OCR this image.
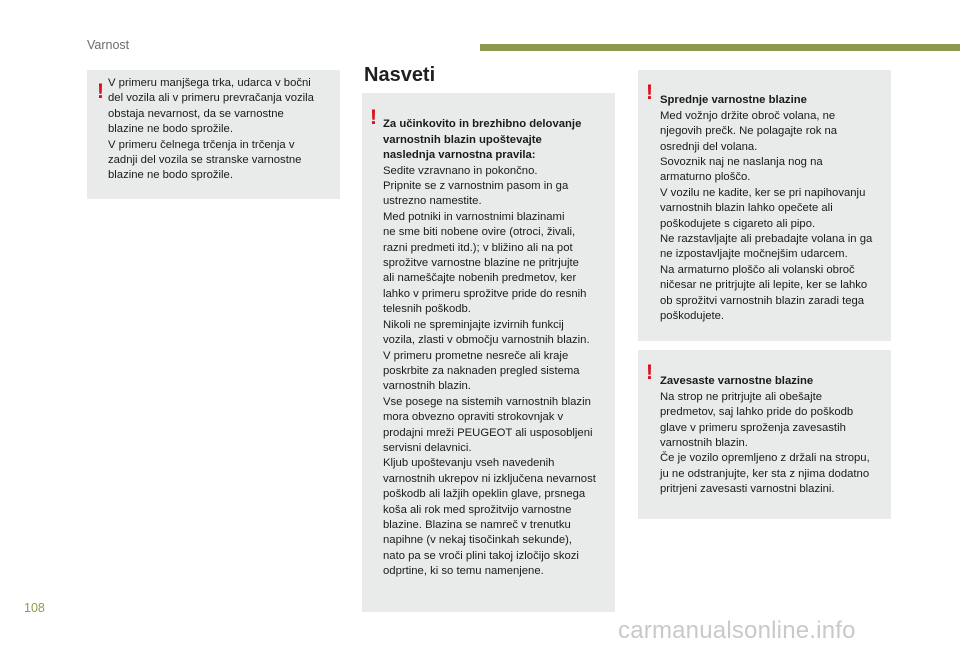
Varnost
! V primeru manjšega trka, udarca v bočni
del vozila ali v primeru prevračanja vozila
obstaja nevarnost, da se varnostne
blazine ne bodo sprožile.
V primeru čelnega trčenja in trčenja v
zadnji del vozila se stranske varnostne
blazine ne bodo sprožile.
Nasveti
! Za učinkovito in brezhibno delovanje
varnostnih blazin upoštevajte
naslednja varnostna pravila:
Sedite vzravnano in pokončno.
Pripnite se z varnostnim pasom in ga
ustrezno namestite.
Med potniki in varnostnimi blazinami
ne sme biti nobene ovire (otroci, živali,
razni predmeti itd.); v bližino ali na pot
sprožitve varnostne blazine ne pritrjujte
ali nameščajte nobenih predmetov, ker
lahko v primeru sprožitve pride do resnih
telesnih poškodb.
Nikoli ne spreminjajte izvirnih funkcij
vozila, zlasti v območju varnostnih blazin.
V primeru prometne nesreče ali kraje
poskrbite za naknaden pregled sistema
varnostnih blazin.
Vse posege na sistemih varnostnih blazin
mora obvezno opraviti strokovnjak v
prodajni mreži PEUGEOT ali usposobljeni
servisni delavnici.
Kljub upoštevanju vseh navedenih
varnostnih ukrepov ni izključena nevarnost
poškodb ali lažjih opeklin glave, prsnega
koša ali rok med sprožitvijo varnostne
blazine. Blazina se namreč v trenutku
napihne (v nekaj tisočinkah sekunde),
nato pa se vroči plini takoj izločijo skozi
odprtine, ki so temu namenjene.

! Sprednje varnostne blazine
Med vožnjo držite obroč volana, ne
njegovih prečk. Ne polagajte rok na
osrednji del volana.
Sovoznik naj ne naslanja nog na
armaturno ploščo.
V vozilu ne kadite, ker se pri napihovanju
varnostnih blazin lahko opečete ali
poškodujete s cigareto ali pipo.
Ne razstavljajte ali prebadajte volana in ga
ne izpostavljajte močnejšim udarcem.
Na armaturno ploščo ali volanski obroč
ničesar ne pritrjujte ali lepite, ker se lahko
ob sprožitvi varnostnih blazin zaradi tega
poškodujete.

! Zavesaste varnostne blazine
Na strop ne pritrjujte ali obešajte
predmetov, saj lahko pride do poškodb
glave v primeru sproženja zavesastih
varnostnih blazin.
Če je vozilo opremljeno z držali na stropu,
ju ne odstranjujte, ker sta z njima dodatno
pritrjeni zavesasti varnostni blazini.

108
carmanualsonline.info
